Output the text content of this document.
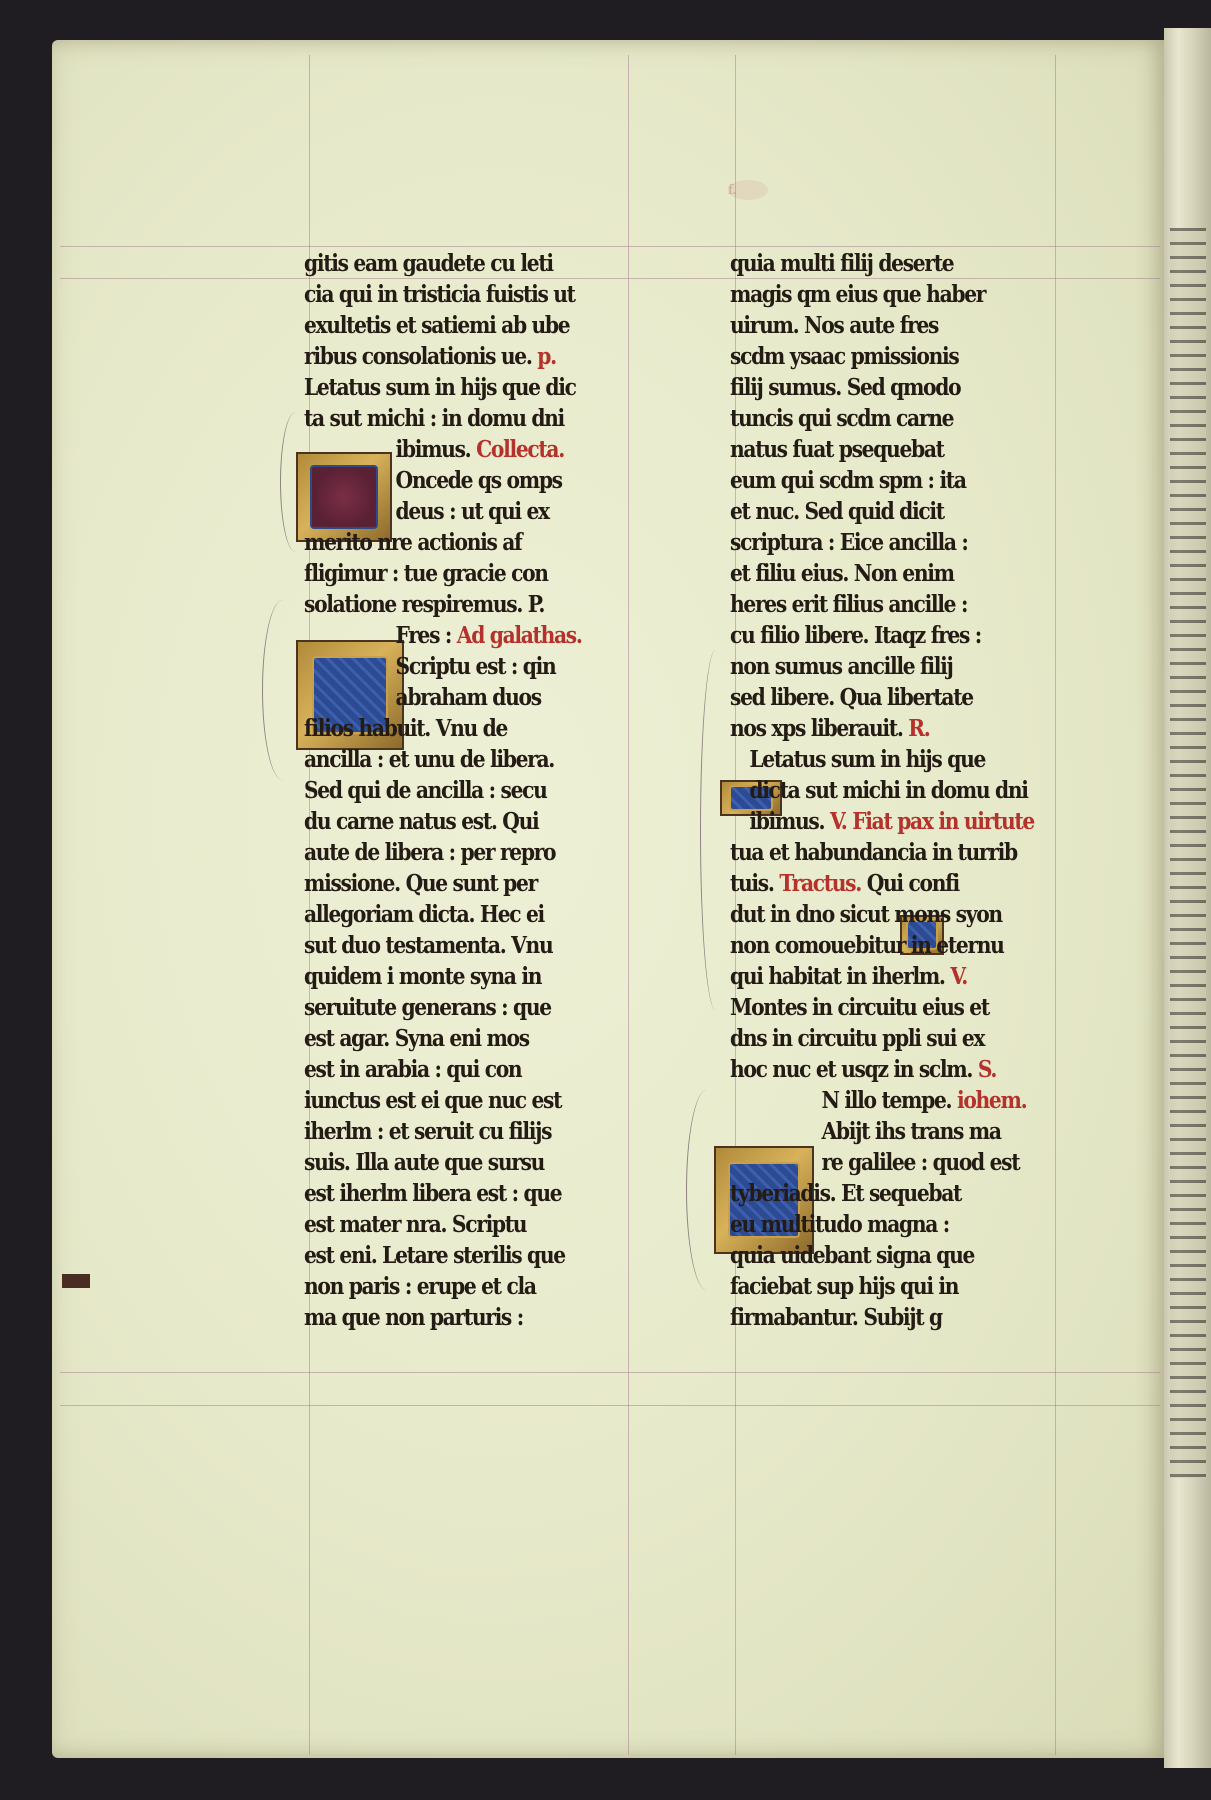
f.
gitis eam gaudete cu leti
cia qui in tristicia fuistis ut
exultetis et satiemi ab ube
ribus consolationis ue. p.
Letatus sum in hijs que dic
ta sut michi : in domu dni
ibimus. Collecta.
Oncede qs omps
deus : ut qui ex
merito nre actionis af
fligimur : tue gracie con
solatione respiremus. P.
Fres : Ad galathas.
Scriptu est : qin
abraham duos
filios habuit. Vnu de
ancilla : et unu de libera.
Sed qui de ancilla : secu
du carne natus est. Qui
aute de libera : per repro
missione. Que sunt per
allegoriam dicta. Hec ei
sut duo testamenta. Vnu
quidem i monte syna in
seruitute generans : que
est agar. Syna eni mos
est in arabia : qui con
iunctus est ei que nuc est
iherlm : et seruit cu filijs
suis. Illa aute que sursu
est iherlm libera est : que
est mater nra. Scriptu
est eni. Letare sterilis que
non paris : erupe et cla
ma que non parturis :
quia multi filij deserte
magis qm eius que haber
uirum. Nos aute fres
scdm ysaac pmissionis
filij sumus. Sed qmodo
tuncis qui scdm carne
natus fuat psequebat
eum qui scdm spm : ita
et nuc. Sed quid dicit
scriptura : Eice ancilla :
et filiu eius. Non enim
heres erit filius ancille :
cu filio libere. Itaqz fres :
non sumus ancille filij
sed libere. Qua libertate
nos xps liberauit. R.
Letatus sum in hijs que
dicta sut michi in domu dni
ibimus. V. Fiat pax in uirtute
tua et habundancia in turrib
tuis. Tractus. Qui confi
dut in dno sicut mons syon
non comouebitur in eternu
qui habitat in iherlm. V.
Montes in circuitu eius et
dns in circuitu ppli sui ex
hoc nuc et usqz in sclm. S.
N illo tempe. iohem.
Abijt ihs trans ma
re galilee : quod est
tyberiadis. Et sequebat
eu multitudo magna :
quia uidebant signa que
faciebat sup hijs qui in
firmabantur. Subijt g
